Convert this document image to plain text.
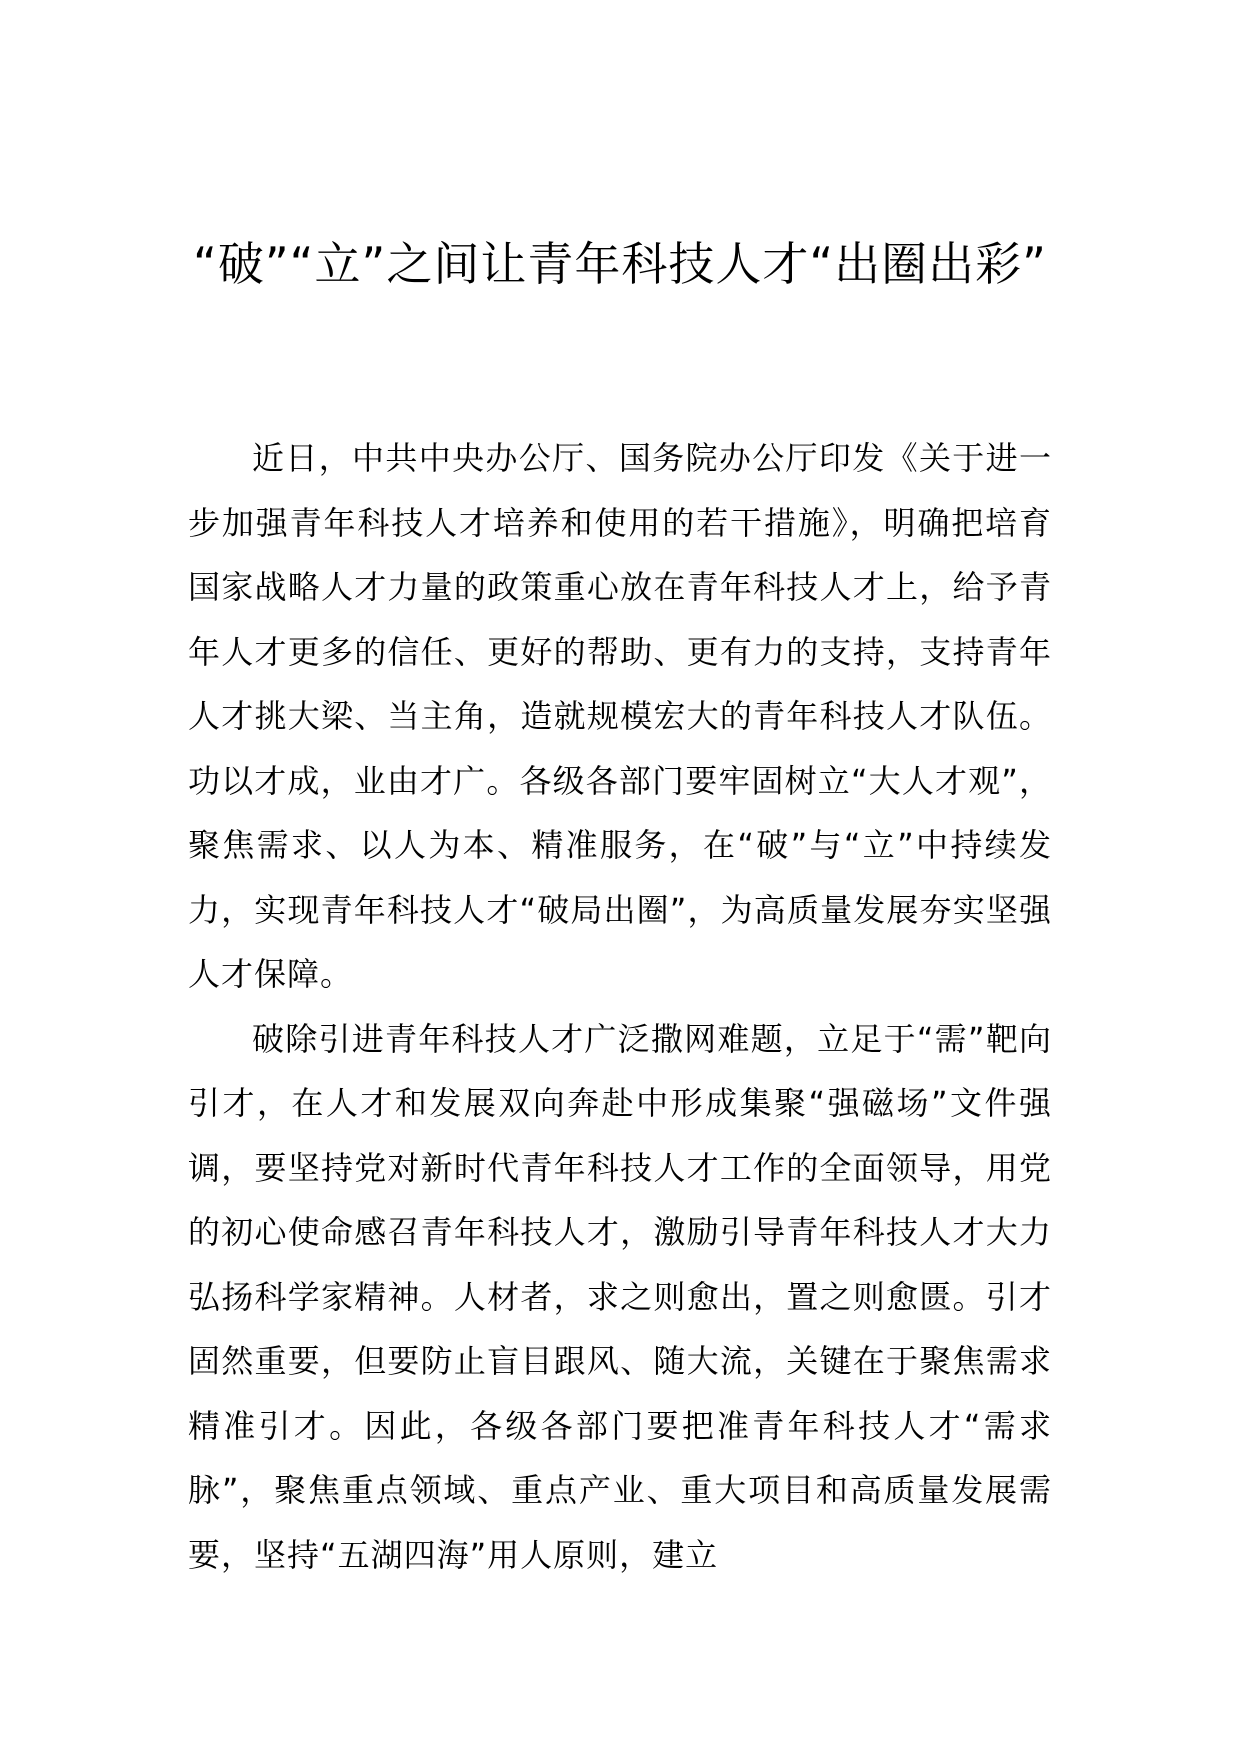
“破”“立”之间让青年科技人才“出圈出彩”

近日，中共中央办公厅、国务院办公厅印发《关于进一步加强青年科技人才培养和使用的若干措施》，明确把培育国家战略人才力量的政策重心放在青年科技人才上，给予青年人才更多的信任、更好的帮助、更有力的支持，支持青年人才挑大梁、当主角，造就规模宏大的青年科技人才队伍。功以才成，业由才广。各级各部门要牢固树立“大人才观”，聚焦需求、以人为本、精准服务，在“破”与“立”中持续发力，实现青年科技人才“破局出圈”，为高质量发展夯实坚强人才保障。

破除引进青年科技人才广泛撒网难题，立足于“需”靶向引才，在人才和发展双向奔赴中形成集聚“强磁场”文件强调，要坚持党对新时代青年科技人才工作的全面领导，用党的初心使命感召青年科技人才，激励引导青年科技人才大力弘扬科学家精神。人材者，求之则愈出，置之则愈匮。引才固然重要，但要防止盲目跟风、随大流，关键在于聚焦需求精准引才。因此，各级各部门要把准青年科技人才“需求脉”，聚焦重点领域、重点产业、重大项目和高质量发展需要，坚持“五湖四海”用人原则，建立
